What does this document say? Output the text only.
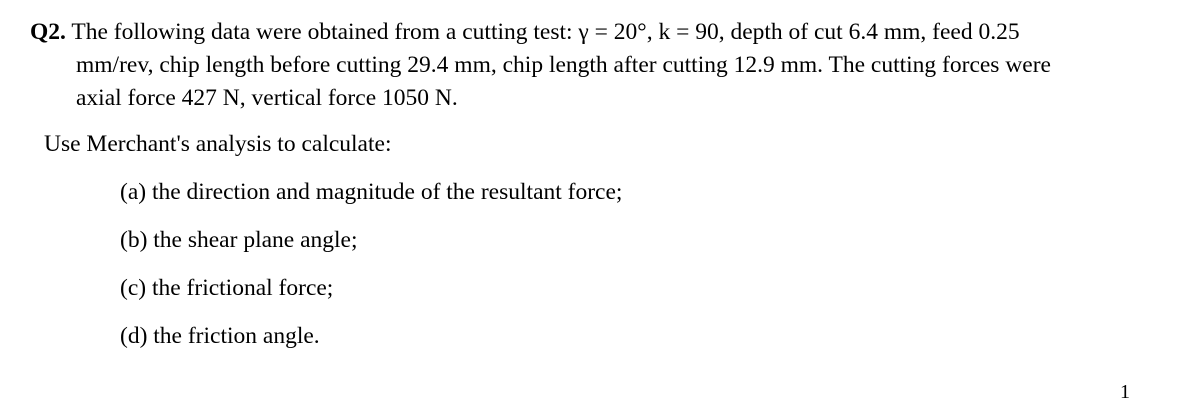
Q2. The following data were obtained from a cutting test: γ = 20°, k = 90, depth of cut 6.4 mm, feed 0.25
mm/rev, chip length before cutting 29.4 mm, chip length after cutting 12.9 mm. The cutting forces were
axial force 427 N, vertical force 1050 N.
Use Merchant's analysis to calculate:
(a) the direction and magnitude of the resultant force;
(b) the shear plane angle;
(c) the frictional force;
(d) the friction angle.
1
